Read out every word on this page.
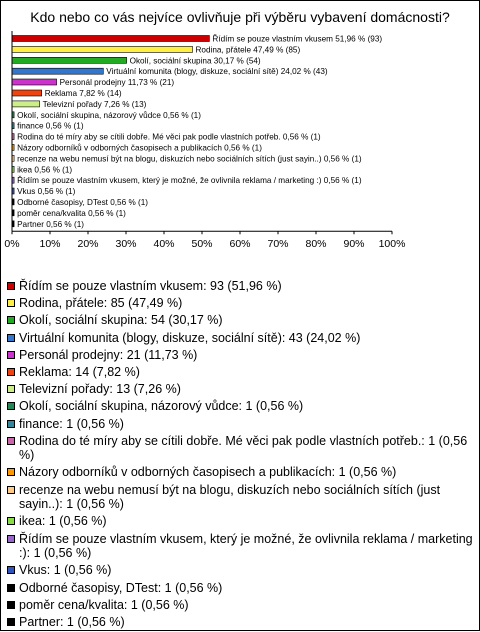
Kdo nebo co vás nejvíce ovlivňuje při výběru vybavení domácnosti?
Řídím se pouze vlastním vkusem 51,96 % (93)
Rodina, přátele 47,49 % (85)
Okolí, sociální skupina 30,17 % (54)
Virtuální komunita (blogy, diskuze, sociální sítě) 24,02 % (43)
Personál prodejny 11,73 % (21)
Reklama 7,82 % (14)
Televizní pořady 7,26 % (13)
Okolí, sociální skupina, názorový vůdce 0,56 % (1)
finance 0,56 % (1)
Rodina do té míry aby se cítili dobře. Mé věci pak podle vlastních potřeb. 0,56 % (1)
Názory odborníků v odborných časopisech a publikacích 0,56 % (1)
recenze na webu nemusí být na blogu, diskuzích nebo sociálních sítích (just sayin..) 0,56 % (1)
ikea 0,56 % (1)
Řídím se pouze vlastním vkusem, který je možné, že ovlivnila reklama / marketing :) 0,56 % (1)
Vkus 0,56 % (1)
Odborné časopisy, DTest 0,56 % (1)
poměr cena/kvalita 0,56 % (1)
Partner 0,56 % (1)
0% 10% 20% 30% 40% 50% 60% 70% 80% 90% 100%
Řídím se pouze vlastním vkusem: 93 (51,96 %)
Rodina, přátele: 85 (47,49 %)
Okolí, sociální skupina: 54 (30,17 %)
Virtuální komunita (blogy, diskuze, sociální sítě): 43 (24,02 %)
Personál prodejny: 21 (11,73 %)
Reklama: 14 (7,82 %)
Televizní pořady: 13 (7,26 %)
Okolí, sociální skupina, názorový vůdce: 1 (0,56 %)
finance: 1 (0,56 %)
Rodina do té míry aby se cítili dobře. Mé věci pak podle vlastních potřeb.: 1 (0,56 %)
Názory odborníků v odborných časopisech a publikacích: 1 (0,56 %)
recenze na webu nemusí být na blogu, diskuzích nebo sociálních sítích (just sayin..): 1 (0,56 %)
ikea: 1 (0,56 %)
Řídím se pouze vlastním vkusem, který je možné, že ovlivnila reklama / marketing :): 1 (0,56 %)
Vkus: 1 (0,56 %)
Odborné časopisy, DTest: 1 (0,56 %)
poměr cena/kvalita: 1 (0,56 %)
Partner: 1 (0,56 %)
